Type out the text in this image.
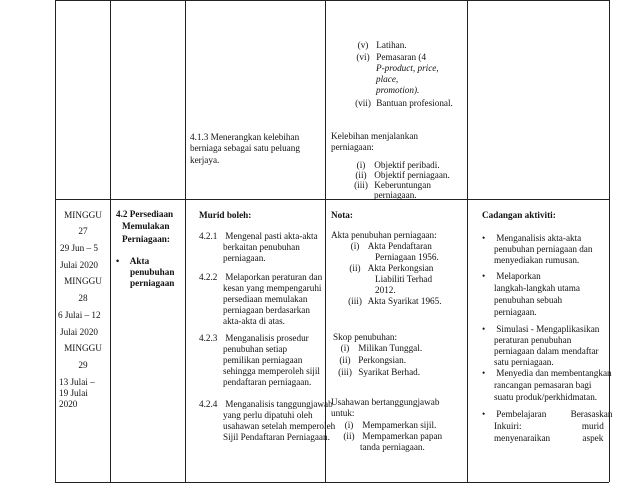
4.1.3 Menerangkan kelebihan berniaga sebagai satu peluang kerjaya.
(v) Latihan.
(vi) Pemasaran (4
P-product, price,
place,
promotion).
(vii) Bantuan profesional.
Kelebihan menjalankan
perniagaan:
(i) Objektif peribadi.
(ii) Objektif perniagaan.
(iii) Keberuntungan
perniagaan.
MINGGU
27
29 Jun – 5
Julai 2020
MINGGU
28
6 Julai – 12
Julai 2020
MINGGU
29
13 Julai –
19 Julai
2020
4.2 Persediaan
Memulakan
Perniagaan:
• Akta
penubuhan
perniagaan
Murid boleh:
4.2.1 Mengenal pasti akta-akta
berkaitan penubuhan
perniagaan.
4.2.2 Melaporkan peraturan dan
kesan yang mempengaruhi
persediaan memulakan
perniagaan berdasarkan
akta-akta di atas.
4.2.3 Menganalisis prosedur
penubuhan setiap
pemilikan perniagaan
sehingga memperoleh sijil
pendaftaran perniagaan.
4.2.4 Menganalisis tanggungjawab
yang perlu dipatuhi oleh
usahawan setelah memperoleh
Sijil Pendaftaran Perniagaan.
Nota:
Akta penubuhan perniagaan:
(i) Akta Pendaftaran
Perniagaan 1956.
(ii) Akta Perkongsian
Liabiliti Terhad
2012.
(iii) Akta Syarikat 1965.
Skop penubuhan:
(i) Milikan Tunggal.
(ii) Perkongsian.
(iii) Syarikat Berhad.
Usahawan bertanggungjawab
untuk:
(i) Mempamerkan sijil.
(ii) Mempamerkan papan
tanda perniagaan.
Cadangan aktiviti:
• Menganalisis akta-akta
penubuhan perniagaan dan
menyediakan rumusan.
• Melaporkan
langkah-langkah utama
penubuhan sebuah
perniagaan.
• Simulasi - Mengaplikasikan
peraturan penubuhan
perniagaan dalam mendaftar
satu perniagaan.
• Menyedia dan membentangkan
rancangan pemasaran bagi
suatu produk/perkhidmatan.
• Pembelajaran Berasaskan
Inkuiri: murid
menyenaraikan aspek
